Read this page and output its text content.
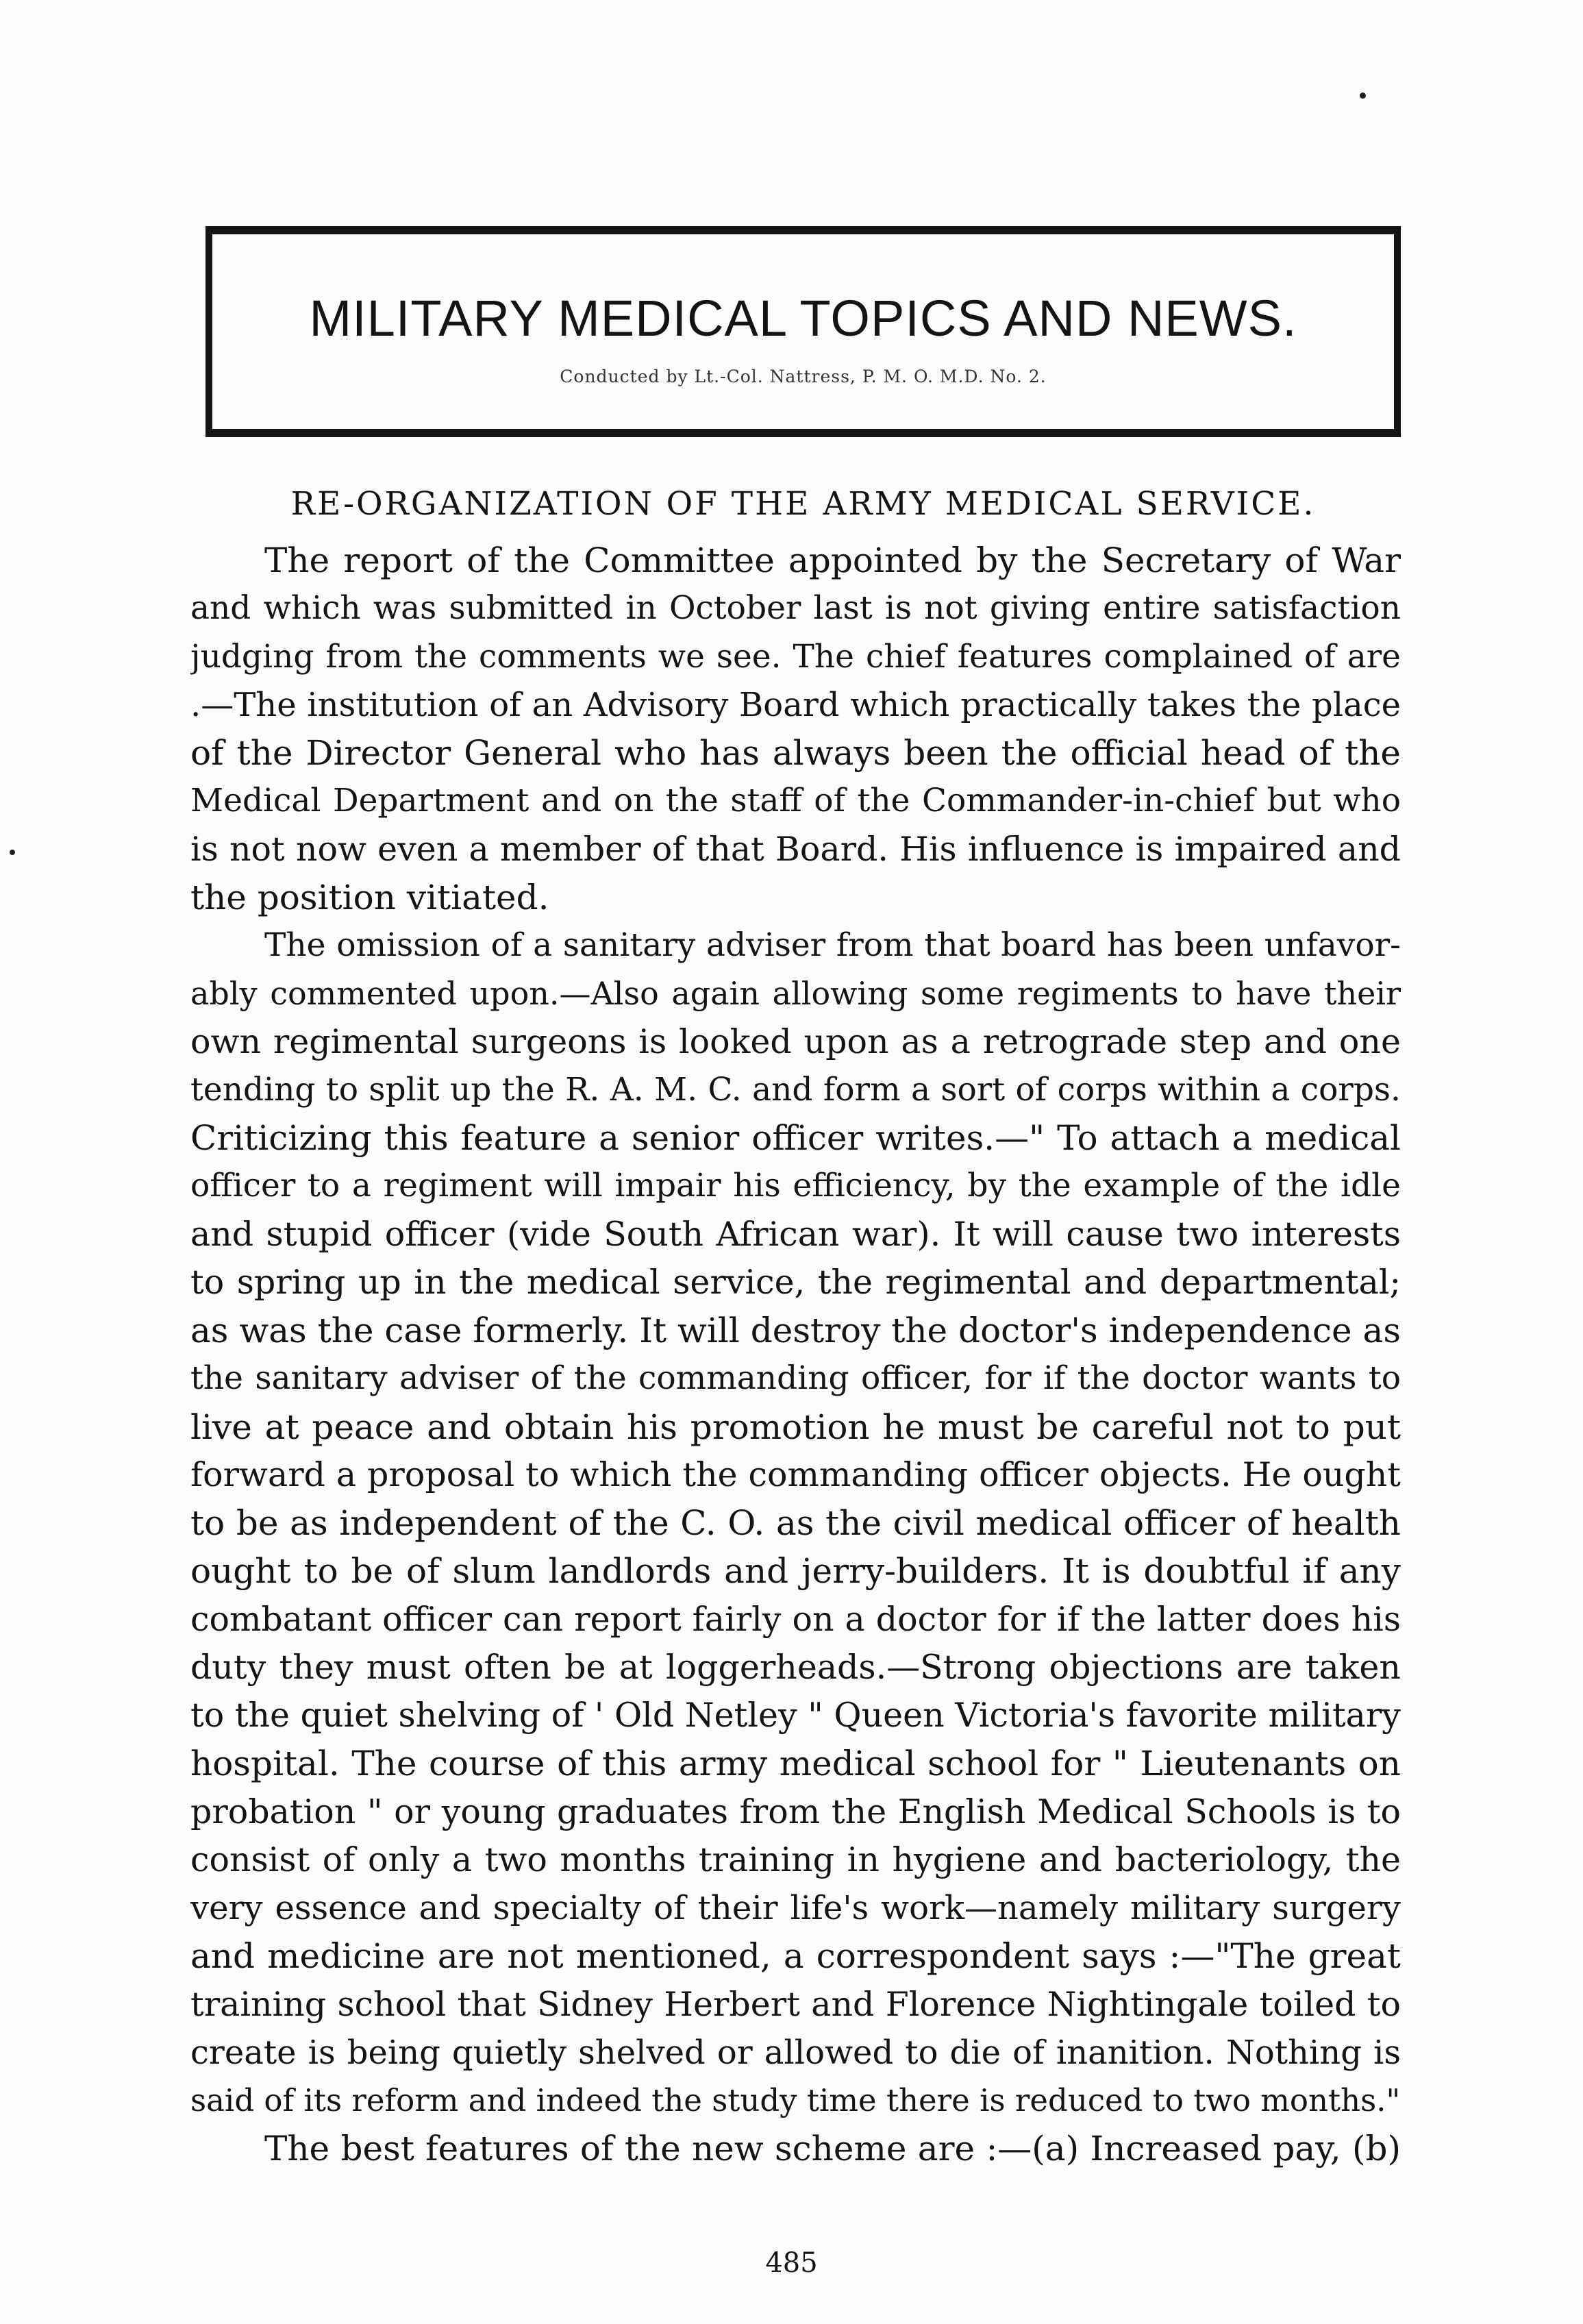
MILITARY MEDICAL TOPICS AND NEWS.
Conducted by Lt.-Col. Nattress, P. M. O. M.D. No. 2.
RE-ORGANIZATION OF THE ARMY MEDICAL SERVICE.
The report of the Committee appointed by the Secretary of War
and which was submitted in October last is not giving entire satisfaction
judging from the comments we see. The chief features complained of are
.—The institution of an Advisory Board which practically takes the place
of the Director General who has always been the official head of the
Medical Department and on the staff of the Commander-in-chief but who
is not now even a member of that Board. His influence is impaired and
the position vitiated.
The omission of a sanitary adviser from that board has been unfavor-
ably commented upon.—Also again allowing some regiments to have their
own regimental surgeons is looked upon as a retrograde step and one
tending to split up the R. A. M. C. and form a sort of corps within a corps.
Criticizing this feature a senior officer writes.—" To attach a medical
officer to a regiment will impair his efficiency, by the example of the idle
and stupid officer (vide South African war). It will cause two interests
to spring up in the medical service, the regimental and departmental;
as was the case formerly. It will destroy the doctor's independence as
the sanitary adviser of the commanding officer, for if the doctor wants to
live at peace and obtain his promotion he must be careful not to put
forward a proposal to which the commanding officer objects. He ought
to be as independent of the C. O. as the civil medical officer of health
ought to be of slum landlords and jerry-builders. It is doubtful if any
combatant officer can report fairly on a doctor for if the latter does his
duty they must often be at loggerheads.—Strong objections are taken
to the quiet shelving of ' Old Netley " Queen Victoria's favorite military
hospital. The course of this army medical school for " Lieutenants on
probation " or young graduates from the English Medical Schools is to
consist of only a two months training in hygiene and bacteriology, the
very essence and specialty of their life's work—namely military surgery
and medicine are not mentioned, a correspondent says :—"The great
training school that Sidney Herbert and Florence Nightingale toiled to
create is being quietly shelved or allowed to die of inanition. Nothing is
said of its reform and indeed the study time there is reduced to two months."
The best features of the new scheme are :—(a) Increased pay, (b)
485
